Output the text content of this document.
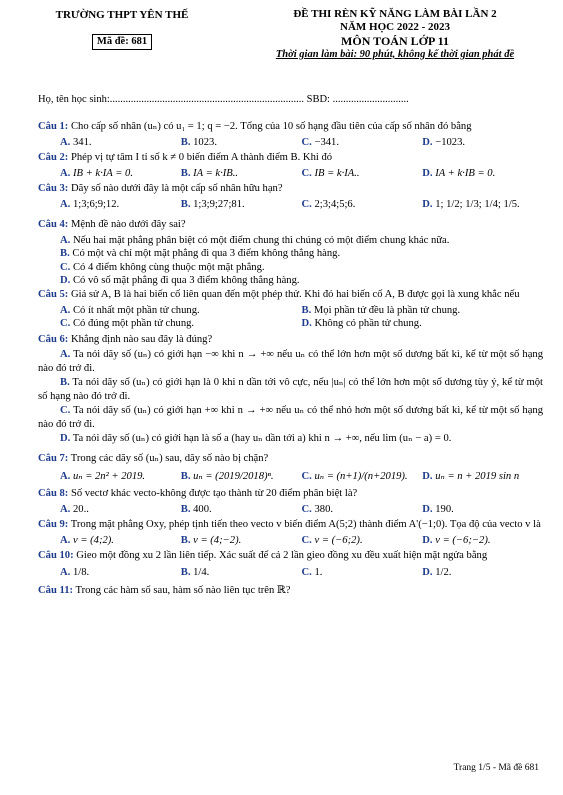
TRƯỜNG THPT YÊN THẾ
Mã đề: 681
ĐỀ THI RÈN KỸ NĂNG LÀM BÀI LẦN 2
NĂM HỌC 2022 - 2023
MÔN TOÁN LỚP 11
Thời gian làm bài: 90 phút, không kể thời gian phát đề
Họ, tên học sinh:.......................................................................... SBD: .............................
Câu 1: Cho cấp số nhân (uₙ) có u₁ = 1; q = −2. Tổng của 10 số hạng đầu tiên của cấp số nhân đó bằng
A. 341.	B. 1023.	C. −341.	D. −1023.
Câu 2: Phép vị tự tâm I tỉ số k ≠ 0 biến điểm A thành điểm B. Khi đó
A. IB + k·IA = 0.	B. IA = k·IB..	C. IB = k·IA..	D. IA + k·IB = 0.
Câu 3: Dãy số nào dưới đây là một cấp số nhân hữu hạn?
A. 1;3;6;9;12.	B. 1;3;9;27;81.	C. 2;3;4;5;6.	D. 1; 1/2; 1/3; 1/4; 1/5.
Câu 4: Mệnh đề nào dưới đây sai?
A. Nếu hai mặt phẳng phân biệt có một điểm chung thì chúng có một điểm chung khác nữa.
B. Có một và chỉ một mặt phẳng đi qua 3 điểm không thẳng hàng.
C. Có 4 điểm không cùng thuộc một mặt phẳng.
D. Có vô số mặt phẳng đi qua 3 điểm không thẳng hàng.
Câu 5: Giả sử A, B là hai biến cố liên quan đến một phép thử. Khi đó hai biến cố A, B được gọi là xung khắc nếu
A. Có ít nhất một phần tử chung.	B. Mọi phần tử đều là phần tử chung.
C. Có đúng một phần tử chung.	D. Không có phần tử chung.
Câu 6: Khẳng định nào sau đây là đúng?
A. Ta nói dãy số (uₙ) có giới hạn −∞ khi n → +∞ nếu uₙ có thể lớn hơn một số dương bất kì, kể từ một số hạng nào đó trở đi.
B. Ta nói dãy số (uₙ) có giới hạn là 0 khi n dần tới vô cực, nếu |uₙ| có thể lớn hơn một số dương tùy ý, kể từ một số hạng nào đó trở đi.
C. Ta nói dãy số (uₙ) có giới hạn +∞ khi n → +∞ nếu uₙ có thể nhỏ hơn một số dương bất kì, kể từ một số hạng nào đó trở đi.
D. Ta nói dãy số (uₙ) có giới hạn là số a (hay uₙ dần tới a) khi n → +∞, nếu lim (uₙ − a) = 0.
Câu 7: Trong các dãy số (uₙ) sau, dãy số nào bị chặn?
A. uₙ = 2n² + 2019.	B. uₙ = (2019/2018)ⁿ.	C. uₙ = (n+1)/(n+2019).	D. uₙ = n + 2019 sin n
Câu 8: Số vectơ khác vecto-không được tạo thành từ 20 điểm phân biệt là?
A. 20..	B. 400.	C. 380.	D. 190.
Câu 9: Trong mặt phẳng Oxy, phép tịnh tiến theo vecto v biến điểm A(5;2) thành điểm A'(−1;0). Tọa độ của vecto v là
A. v = (4;2).	B. v = (4;−2).	C. v = (−6;2).	D. v = (−6;−2).
Câu 10: Gieo một đồng xu 2 lần liên tiếp. Xác suất để cả 2 lần gieo đồng xu đều xuất hiện mặt ngửa bằng
A. 1/8.	B. 1/4.	C. 1.	D. 1/2.
Câu 11: Trong các hàm số sau, hàm số nào liên tục trên ℝ?
Trang 1/5 - Mã đề 681
